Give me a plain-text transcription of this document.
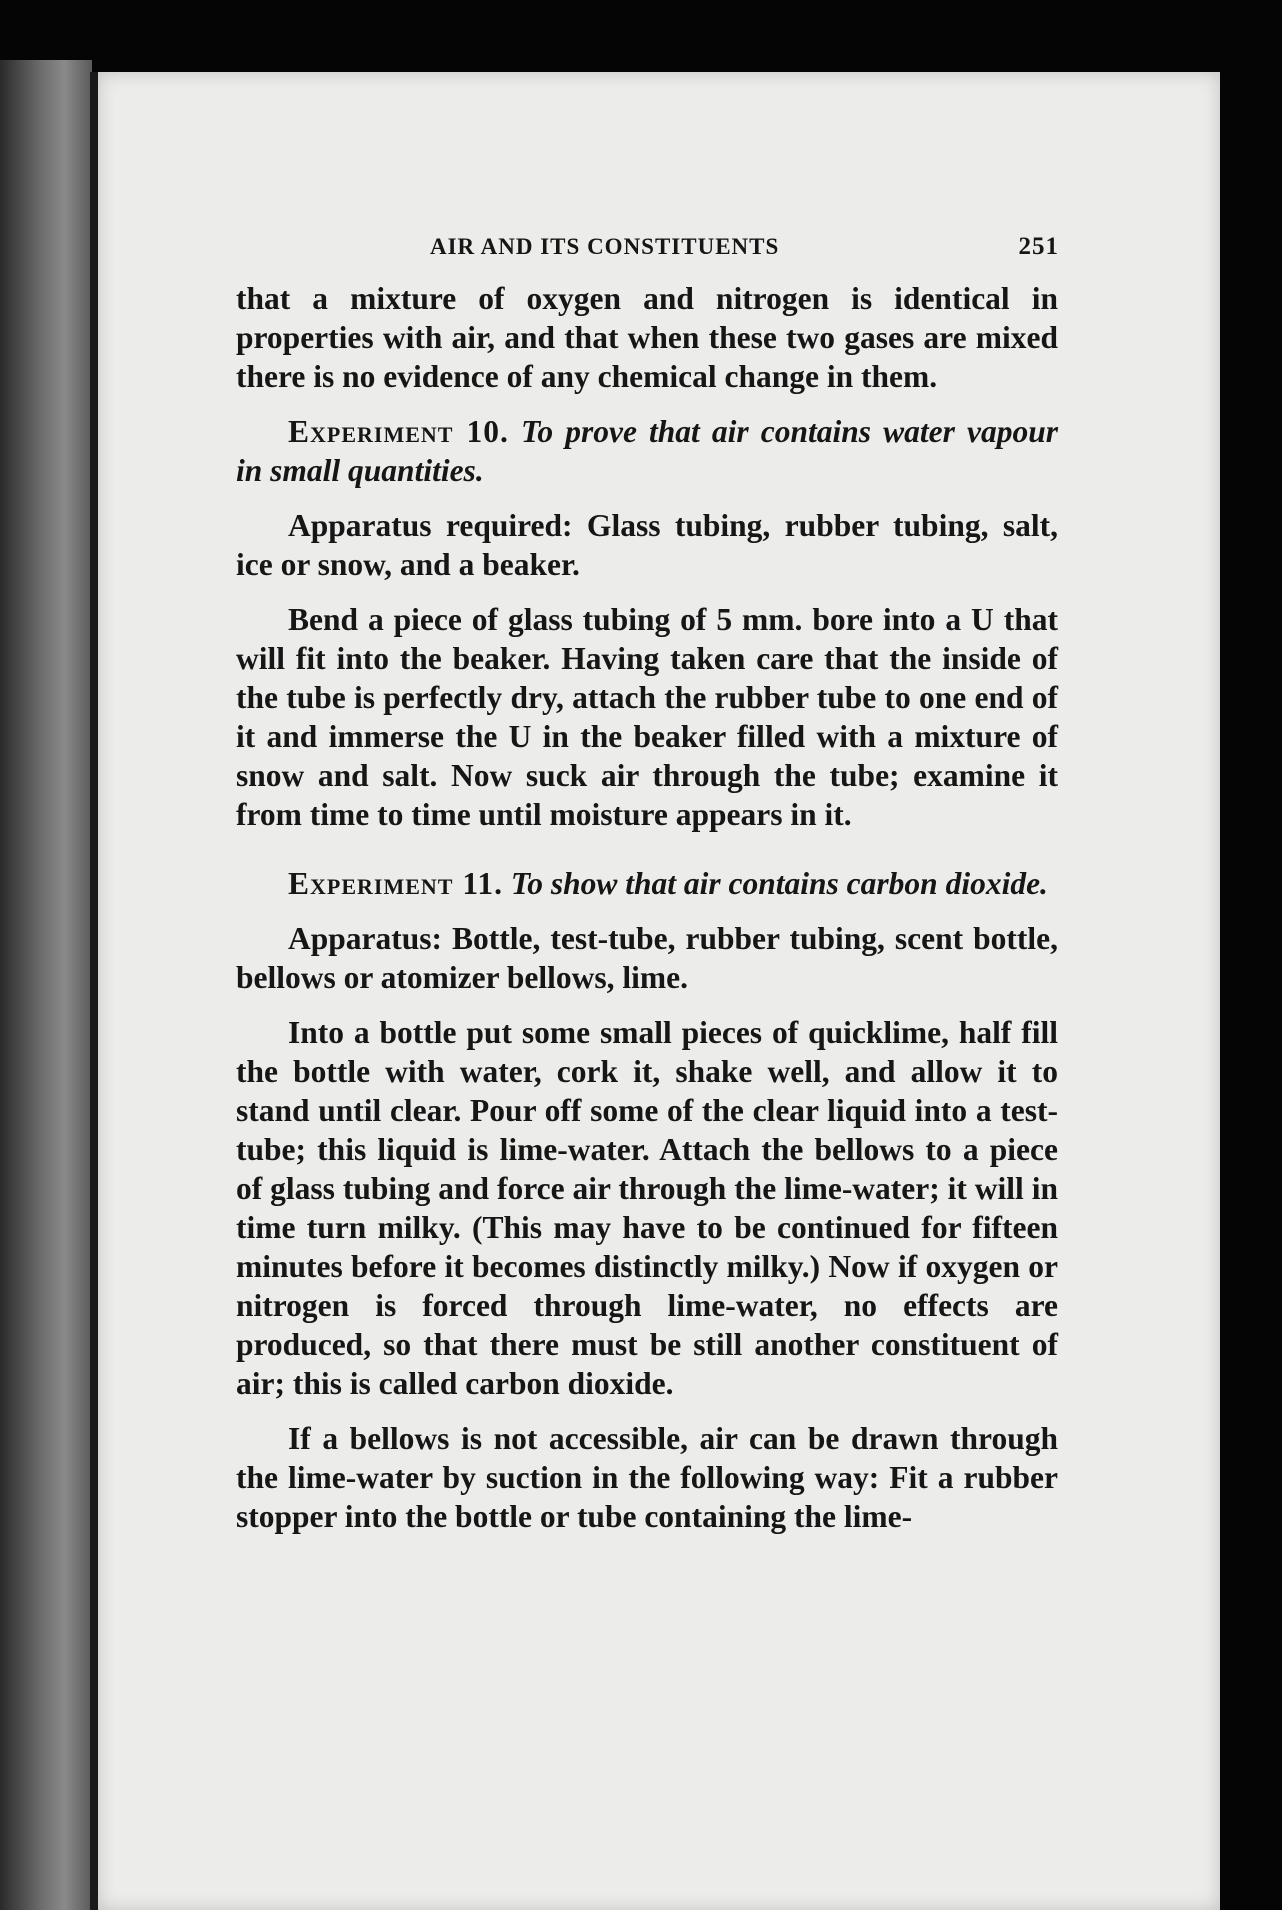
AIR AND ITS CONSTITUENTS	251

that a mixture of oxygen and nitrogen is identical in properties with air, and that when these two gases are mixed there is no evidence of any chemical change in them.

Experiment 10. To prove that air contains water vapour in small quantities.

Apparatus required: Glass tubing, rubber tubing, salt, ice or snow, and a beaker.

Bend a piece of glass tubing of 5 mm. bore into a U that will fit into the beaker. Having taken care that the inside of the tube is perfectly dry, attach the rubber tube to one end of it and immerse the U in the beaker filled with a mixture of snow and salt. Now suck air through the tube; examine it from time to time until moisture appears in it.

Experiment 11. To show that air contains carbon dioxide.

Apparatus: Bottle, test-tube, rubber tubing, scent bottle, bellows or atomizer bellows, lime.

Into a bottle put some small pieces of quicklime, half fill the bottle with water, cork it, shake well, and allow it to stand until clear. Pour off some of the clear liquid into a test-tube; this liquid is lime-water. Attach the bellows to a piece of glass tubing and force air through the lime-water; it will in time turn milky. (This may have to be continued for fifteen minutes before it becomes distinctly milky.) Now if oxygen or nitrogen is forced through lime-water, no effects are produced, so that there must be still another constituent of air; this is called carbon dioxide.

If a bellows is not accessible, air can be drawn through the lime-water by suction in the following way: Fit a rubber stopper into the bottle or tube containing the lime-
